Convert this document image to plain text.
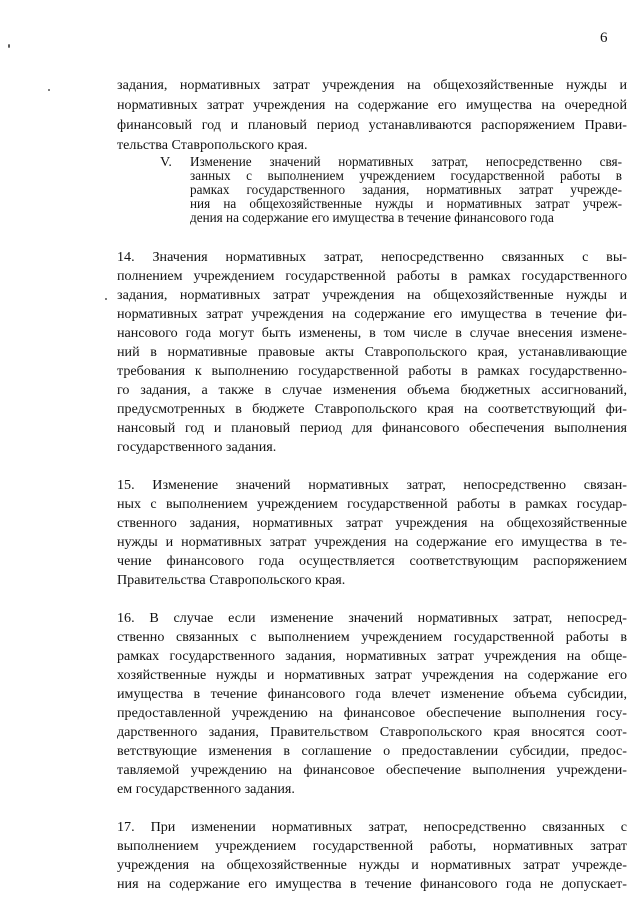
6
задания, нормативных затрат учреждения на общехозяйственные нужды и
нормативных затрат учреждения на содержание его имущества на очередной
финансовый год и плановый период устанавливаются распоряжением Прави-
тельства Ставропольского края.
V. Изменение значений нормативных затрат, непосредственно свя-
занных с выполнением учреждением государственной работы в
рамках государственного задания, нормативных затрат учрежде-
ния на общехозяйственные нужды и нормативных затрат учреж-
дения на содержание его имущества в течение финансового года
14. Значения нормативных затрат, непосредственно связанных с вы-
полнением учреждением государственной работы в рамках государственного
задания, нормативных затрат учреждения на общехозяйственные нужды и
нормативных затрат учреждения на содержание его имущества в течение фи-
нансового года могут быть изменены, в том числе в случае внесения измене-
ний в нормативные правовые акты Ставропольского края, устанавливающие
требования к выполнению государственной работы в рамках государственно-
го задания, а также в случае изменения объема бюджетных ассигнований,
предусмотренных в бюджете Ставропольского края на соответствующий фи-
нансовый год и плановый период для финансового обеспечения выполнения
государственного задания.
15. Изменение значений нормативных затрат, непосредственно связан-
ных с выполнением учреждением государственной работы в рамках государ-
ственного задания, нормативных затрат учреждения на общехозяйственные
нужды и нормативных затрат учреждения на содержание его имущества в те-
чение финансового года осуществляется соответствующим распоряжением
Правительства Ставропольского края.
16. В случае если изменение значений нормативных затрат, непосред-
ственно связанных с выполнением учреждением государственной работы в
рамках государственного задания, нормативных затрат учреждения на обще-
хозяйственные нужды и нормативных затрат учреждения на содержание его
имущества в течение финансового года влечет изменение объема субсидии,
предоставленной учреждению на финансовое обеспечение выполнения госу-
дарственного задания, Правительством Ставропольского края вносятся соот-
ветствующие изменения в соглашение о предоставлении субсидии, предос-
тавляемой учреждению на финансовое обеспечение выполнения учреждени-
ем государственного задания.
17. При изменении нормативных затрат, непосредственно связанных с
выполнением учреждением государственной работы, нормативных затрат
учреждения на общехозяйственные нужды и нормативных затрат учрежде-
ния на содержание его имущества в течение финансового года не допускает-
